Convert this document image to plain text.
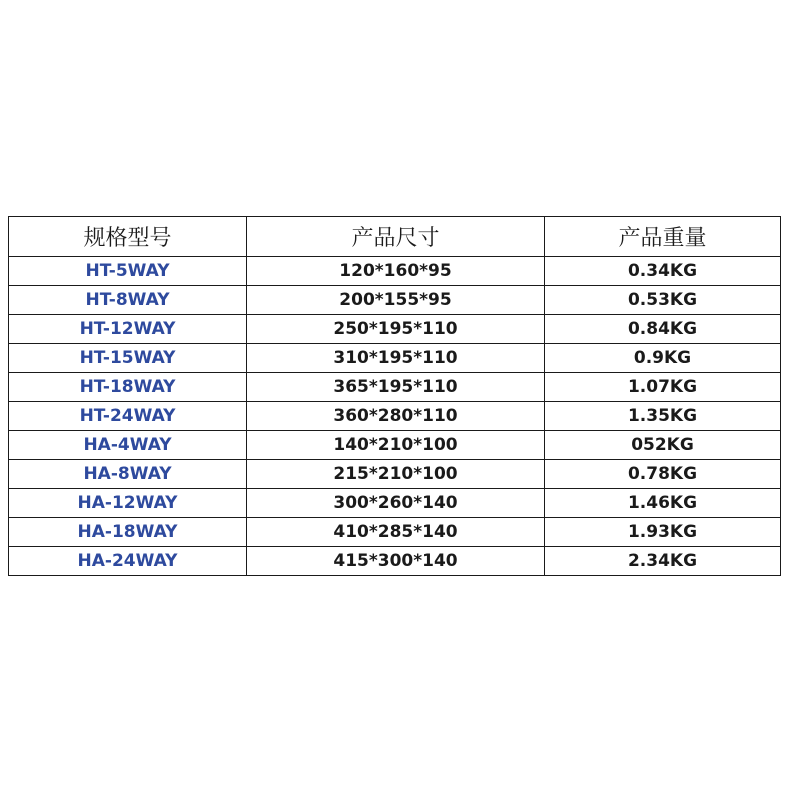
规格型号	产品尺寸	产品重量
HT-5WAY	120*160*95	0.34KG
HT-8WAY	200*155*95	0.53KG
HT-12WAY	250*195*110	0.84KG
HT-15WAY	310*195*110	0.9KG
HT-18WAY	365*195*110	1.07KG
HT-24WAY	360*280*110	1.35KG
HA-4WAY	140*210*100	052KG
HA-8WAY	215*210*100	0.78KG
HA-12WAY	300*260*140	1.46KG
HA-18WAY	410*285*140	1.93KG
HA-24WAY	415*300*140	2.34KG
